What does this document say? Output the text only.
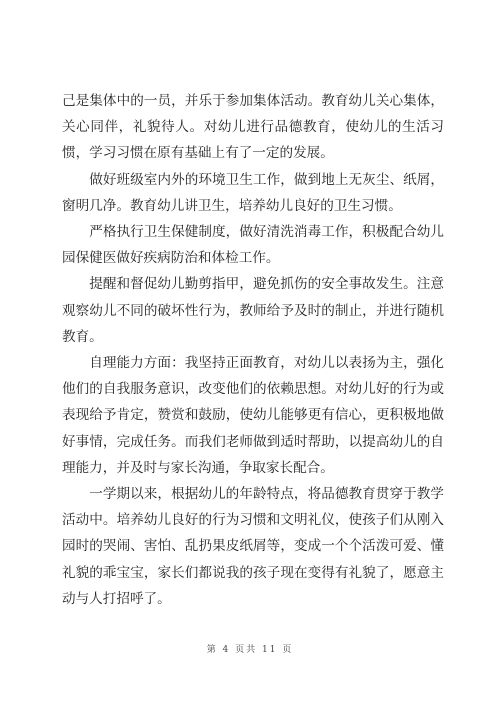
己是集体中的一员，并乐于参加集体活动。教育幼儿关心集体，关心同伴，礼貌待人。对幼儿进行品德教育，使幼儿的生活习惯，学习习惯在原有基础上有了一定的发展。

做好班级室内外的环境卫生工作，做到地上无灰尘、纸屑，窗明几净。教育幼儿讲卫生，培养幼儿良好的卫生习惯。

严格执行卫生保健制度，做好清洗消毒工作，积极配合幼儿园保健医做好疾病防治和体检工作。

提醒和督促幼儿勤剪指甲，避免抓伤的安全事故发生。注意观察幼儿不同的破坏性行为，教师给予及时的制止，并进行随机教育。

自理能力方面：我坚持正面教育，对幼儿以表扬为主，强化他们的自我服务意识，改变他们的依赖思想。对幼儿好的行为或表现给予肯定，赞赏和鼓励，使幼儿能够更有信心，更积极地做好事情，完成任务。而我们老师做到适时帮助，以提高幼儿的自理能力，并及时与家长沟通，争取家长配合。

一学期以来，根据幼儿的年龄特点，将品德教育贯穿于教学活动中。培养幼儿良好的行为习惯和文明礼仪，使孩子们从刚入园时的哭闹、害怕、乱扔果皮纸屑等，变成一个个活泼可爱、懂礼貌的乖宝宝，家长们都说我的孩子现在变得有礼貌了，愿意主动与人打招呼了。

第 4 页共 11 页
